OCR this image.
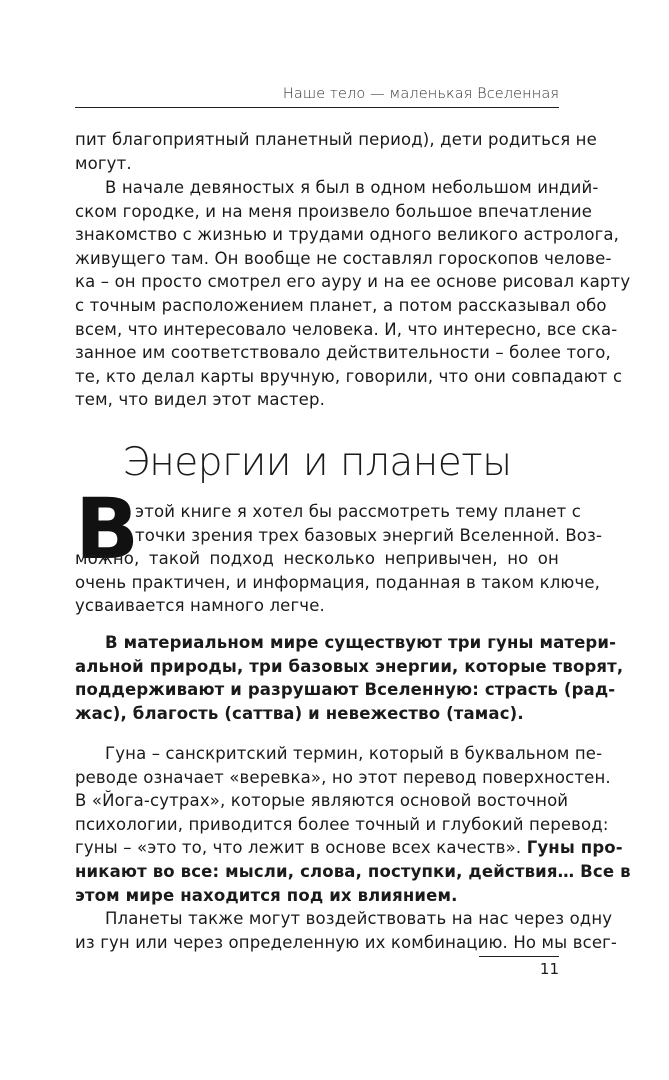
Наше тело — маленькая Вселенная
пит благоприятный планетный период), дети родиться не
могут.
В начале девяностых я был в одном небольшом индий-
ском городке, и на меня произвело большое впечатление
знакомство с жизнью и трудами одного великого астролога,
живущего там. Он вообще не составлял гороскопов челове-
ка – он просто смотрел его ауру и на ее основе рисовал карту
с точным расположением планет, а потом рассказывал обо
всем, что интересовало человека. И, что интересно, все ска-
занное им соответствовало действительности – более того,
те, кто делал карты вручную, говорили, что они совпадают с
тем, что видел этот мастер.
Энергии и планеты
В
этой книге я хотел бы рассмотреть тему планет с
точки зрения трех базовых энергий Вселенной. Воз-
можно, такой подход несколько непривычен, но он
очень практичен, и информация, поданная в таком ключе,
усваивается намного легче.
В материальном мире существуют три гуны матери-
альной природы, три базовых энергии, которые творят,
поддерживают и разрушают Вселенную: страсть (рад-
жас), благость (саттва) и невежество (тамас).
Гуна – санскритский термин, который в буквальном пе-
реводе означает «веревка», но этот перевод поверхностен.
В «Йога-сутрах», которые являются основой восточной
психологии, приводится более точный и глубокий перевод:
гуны – «это то, что лежит в основе всех качеств». Гуны про-
никают во все: мысли, слова, поступки, действия… Все в
этом мире находится под их влиянием.
Планеты также могут воздействовать на нас через одну
из гун или через определенную их комбинацию. Но мы всег-
11
